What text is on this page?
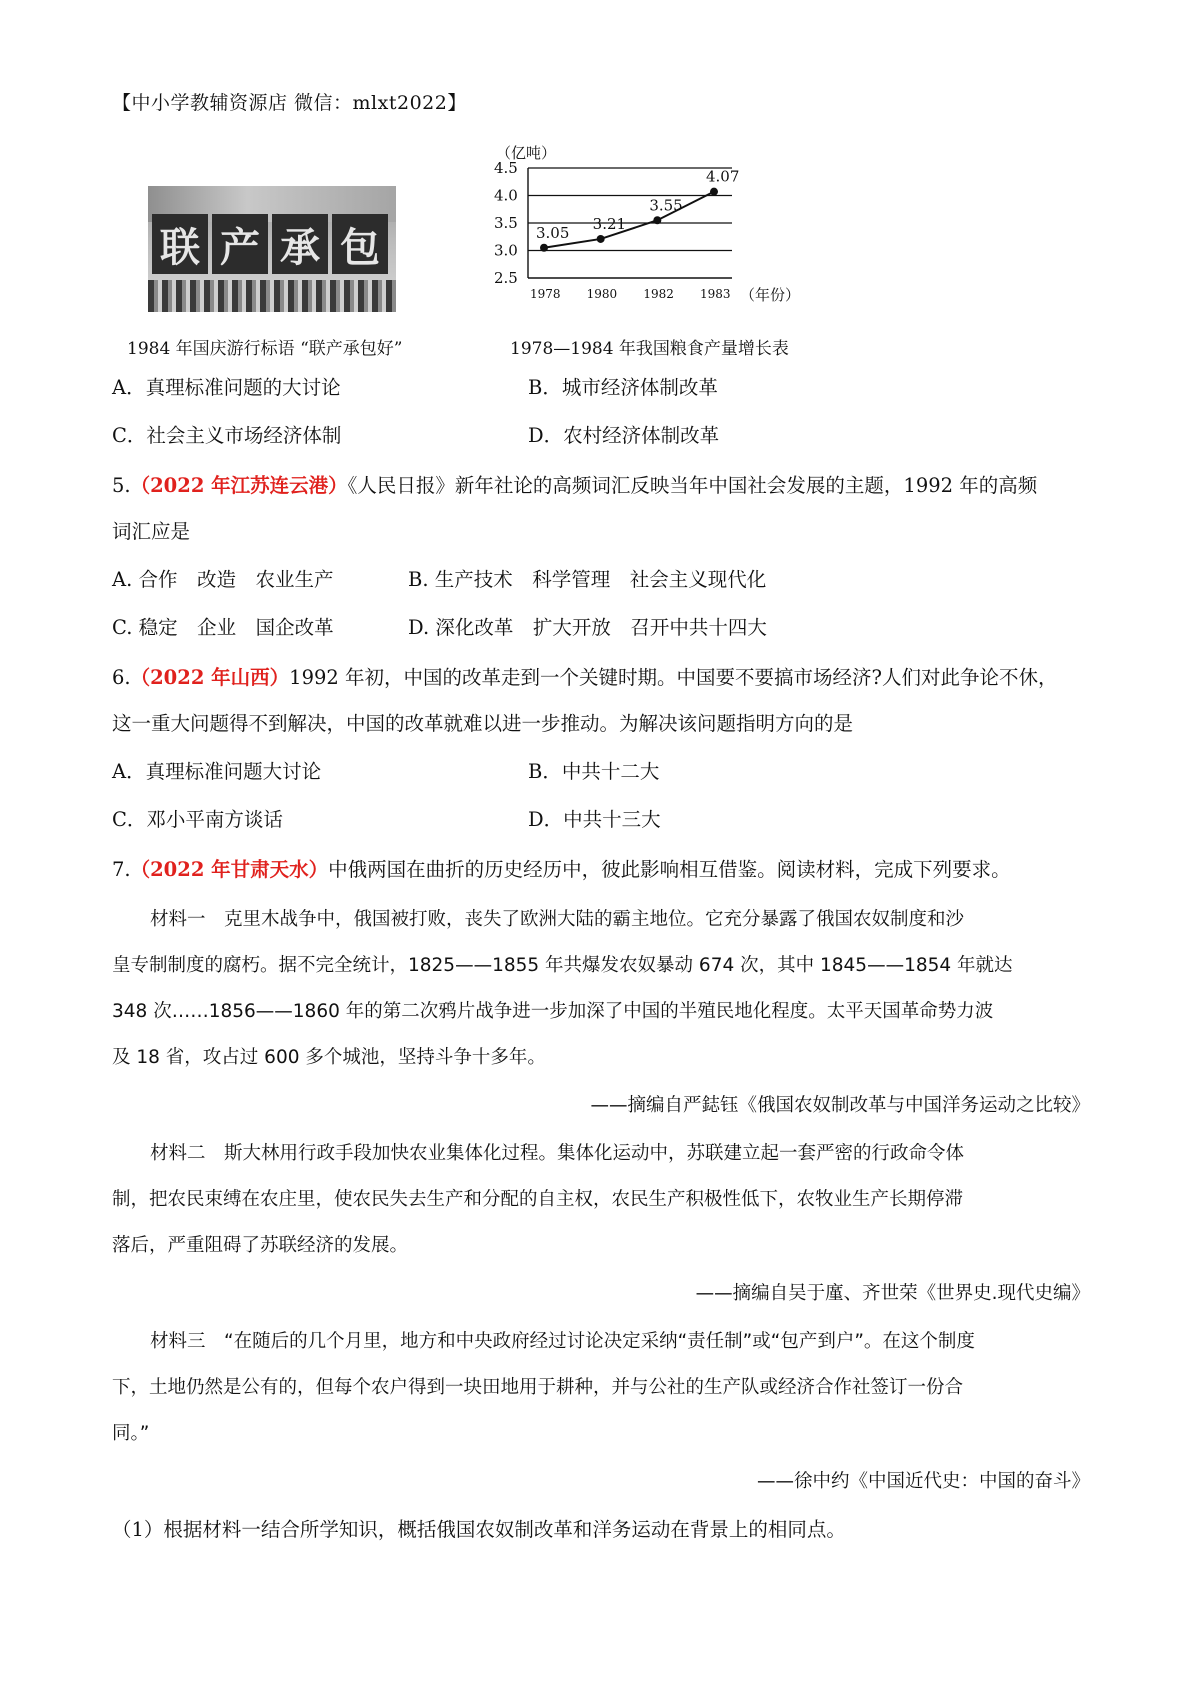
【中小学教辅资源店 微信：mlxt2022】
联 产 承 包
1984 年国庆游行标语 “联产承包好”
（亿吨）
2.5
3.0
3.5
4.0
4.5
1978 1980 1982 1983
3.05 3.21
3.55
4.07
（年份）
1978—1984 年我国粮食产量增长表
A．真理标准问题的大讨论	B．城市经济体制改革
C．社会主义市场经济体制	D．农村经济体制改革
5.（2022 年江苏连云港）《人民日报》新年社论的高频词汇反映当年中国社会发展的主题，1992 年的高频
词汇应是
A. 合作　改造　农业生产	B. 生产技术　科学管理　社会主义现代化
C. 稳定　企业　国企改革	D. 深化改革　扩大开放　召开中共十四大
6.（2022 年山西）1992 年初，中国的改革走到一个关键时期。中国要不要搞市场经济?人们对此争论不休，
这一重大问题得不到解决，中国的改革就难以进一步推动。为解决该问题指明方向的是
A．真理标准问题大讨论	B．中共十二大
C．邓小平南方谈话	D．中共十三大
7.（2022 年甘肃天水）中俄两国在曲折的历史经历中，彼此影响相互借鉴。阅读材料，完成下列要求。
材料一　克里木战争中，俄国被打败，丧失了欧洲大陆的霸主地位。它充分暴露了俄国农奴制度和沙
皇专制制度的腐朽。据不完全统计，1825——1855 年共爆发农奴暴动 674 次，其中 1845——1854 年就达
348 次……1856——1860 年的第二次鸦片战争进一步加深了中国的半殖民地化程度。太平天国革命势力波
及 18 省，攻占过 600 多个城池，坚持斗争十多年。
——摘编自严鋕钰《俄国农奴制改革与中国洋务运动之比较》
材料二　斯大林用行政手段加快农业集体化过程。集体化运动中，苏联建立起一套严密的行政命令体
制，把农民束缚在农庄里，使农民失去生产和分配的自主权，农民生产积极性低下，农牧业生产长期停滞
落后，严重阻碍了苏联经济的发展。
——摘编自吴于廑、齐世荣《世界史.现代史编》
材料三　“在随后的几个月里，地方和中央政府经过讨论决定采纳“责任制”或“包产到户”。在这个制度
下，土地仍然是公有的，但每个农户得到一块田地用于耕种，并与公社的生产队或经济合作社签订一份合
同。”
——徐中约《中国近代史：中国的奋斗》
（1）根据材料一结合所学知识，概括俄国农奴制改革和洋务运动在背景上的相同点。
